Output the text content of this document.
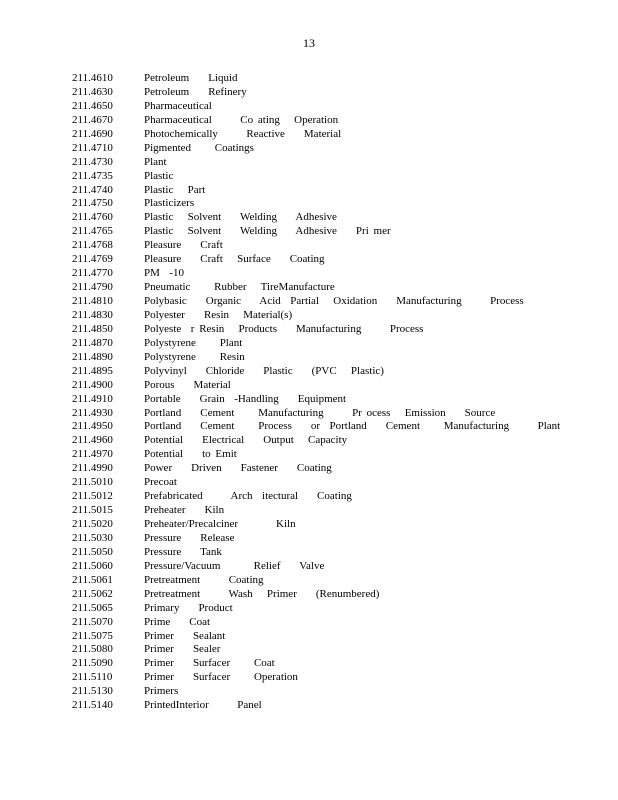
13
211.4610	Petroleum    Liquid
211.4630	Petroleum    Refinery
211.4650	Pharmaceutical
211.4670	Pharmaceutical      Co ating   Operation
211.4690	Photochemically      Reactive    Material
211.4710	Pigmented     Coatings
211.4730	Plant
211.4735	Plastic
211.4740	Plastic   Part
211.4750	Plasticizers
211.4760	Plastic   Solvent    Welding    Adhesive
211.4765	Plastic   Solvent    Welding    Adhesive    Pri mer
211.4768	Pleasure    Craft
211.4769	Pleasure    Craft   Surface    Coating
211.4770	PM  -10
211.4790	Pneumatic     Rubber   TireManufacture
211.4810	Polybasic    Organic    Acid  Partial   Oxidation    Manufacturing      Process
211.4830	Polyester    Resin   Material(s)
211.4850	Polyeste  r Resin   Products    Manufacturing      Process
211.4870	Polystyrene     Plant
211.4890	Polystyrene     Resin
211.4895	Polyvinyl    Chloride    Plastic    (PVC   Plastic)
211.4900	Porous    Material
211.4910	Portable    Grain  -Handling    Equipment
211.4930	Portland    Cement     Manufacturing      Pr ocess   Emission    Source
211.4950	Portland    Cement     Process    or  Portland    Cement     Manufacturing      Plant
211.4960	Potential    Electrical    Output   Capacity
211.4970	Potential    to Emit
211.4990	Power    Driven    Fastener    Coating
211.5010	Precoat
211.5012	Prefabricated      Arch  itectural    Coating
211.5015	Preheater    Kiln
211.5020	Preheater/Precalciner        Kiln
211.5030	Pressure    Release
211.5050	Pressure    Tank
211.5060	Pressure/Vacuum       Relief    Valve
211.5061	Pretreatment      Coating
211.5062	Pretreatment      Wash   Primer    (Renumbered)
211.5065	Primary    Product
211.5070	Prime    Coat
211.5075	Primer    Sealant
211.5080	Primer    Sealer
211.5090	Primer    Surfacer     Coat
211.5110	Primer    Surfacer     Operation
211.5130	Primers
211.5140	PrintedInterior      Panel
